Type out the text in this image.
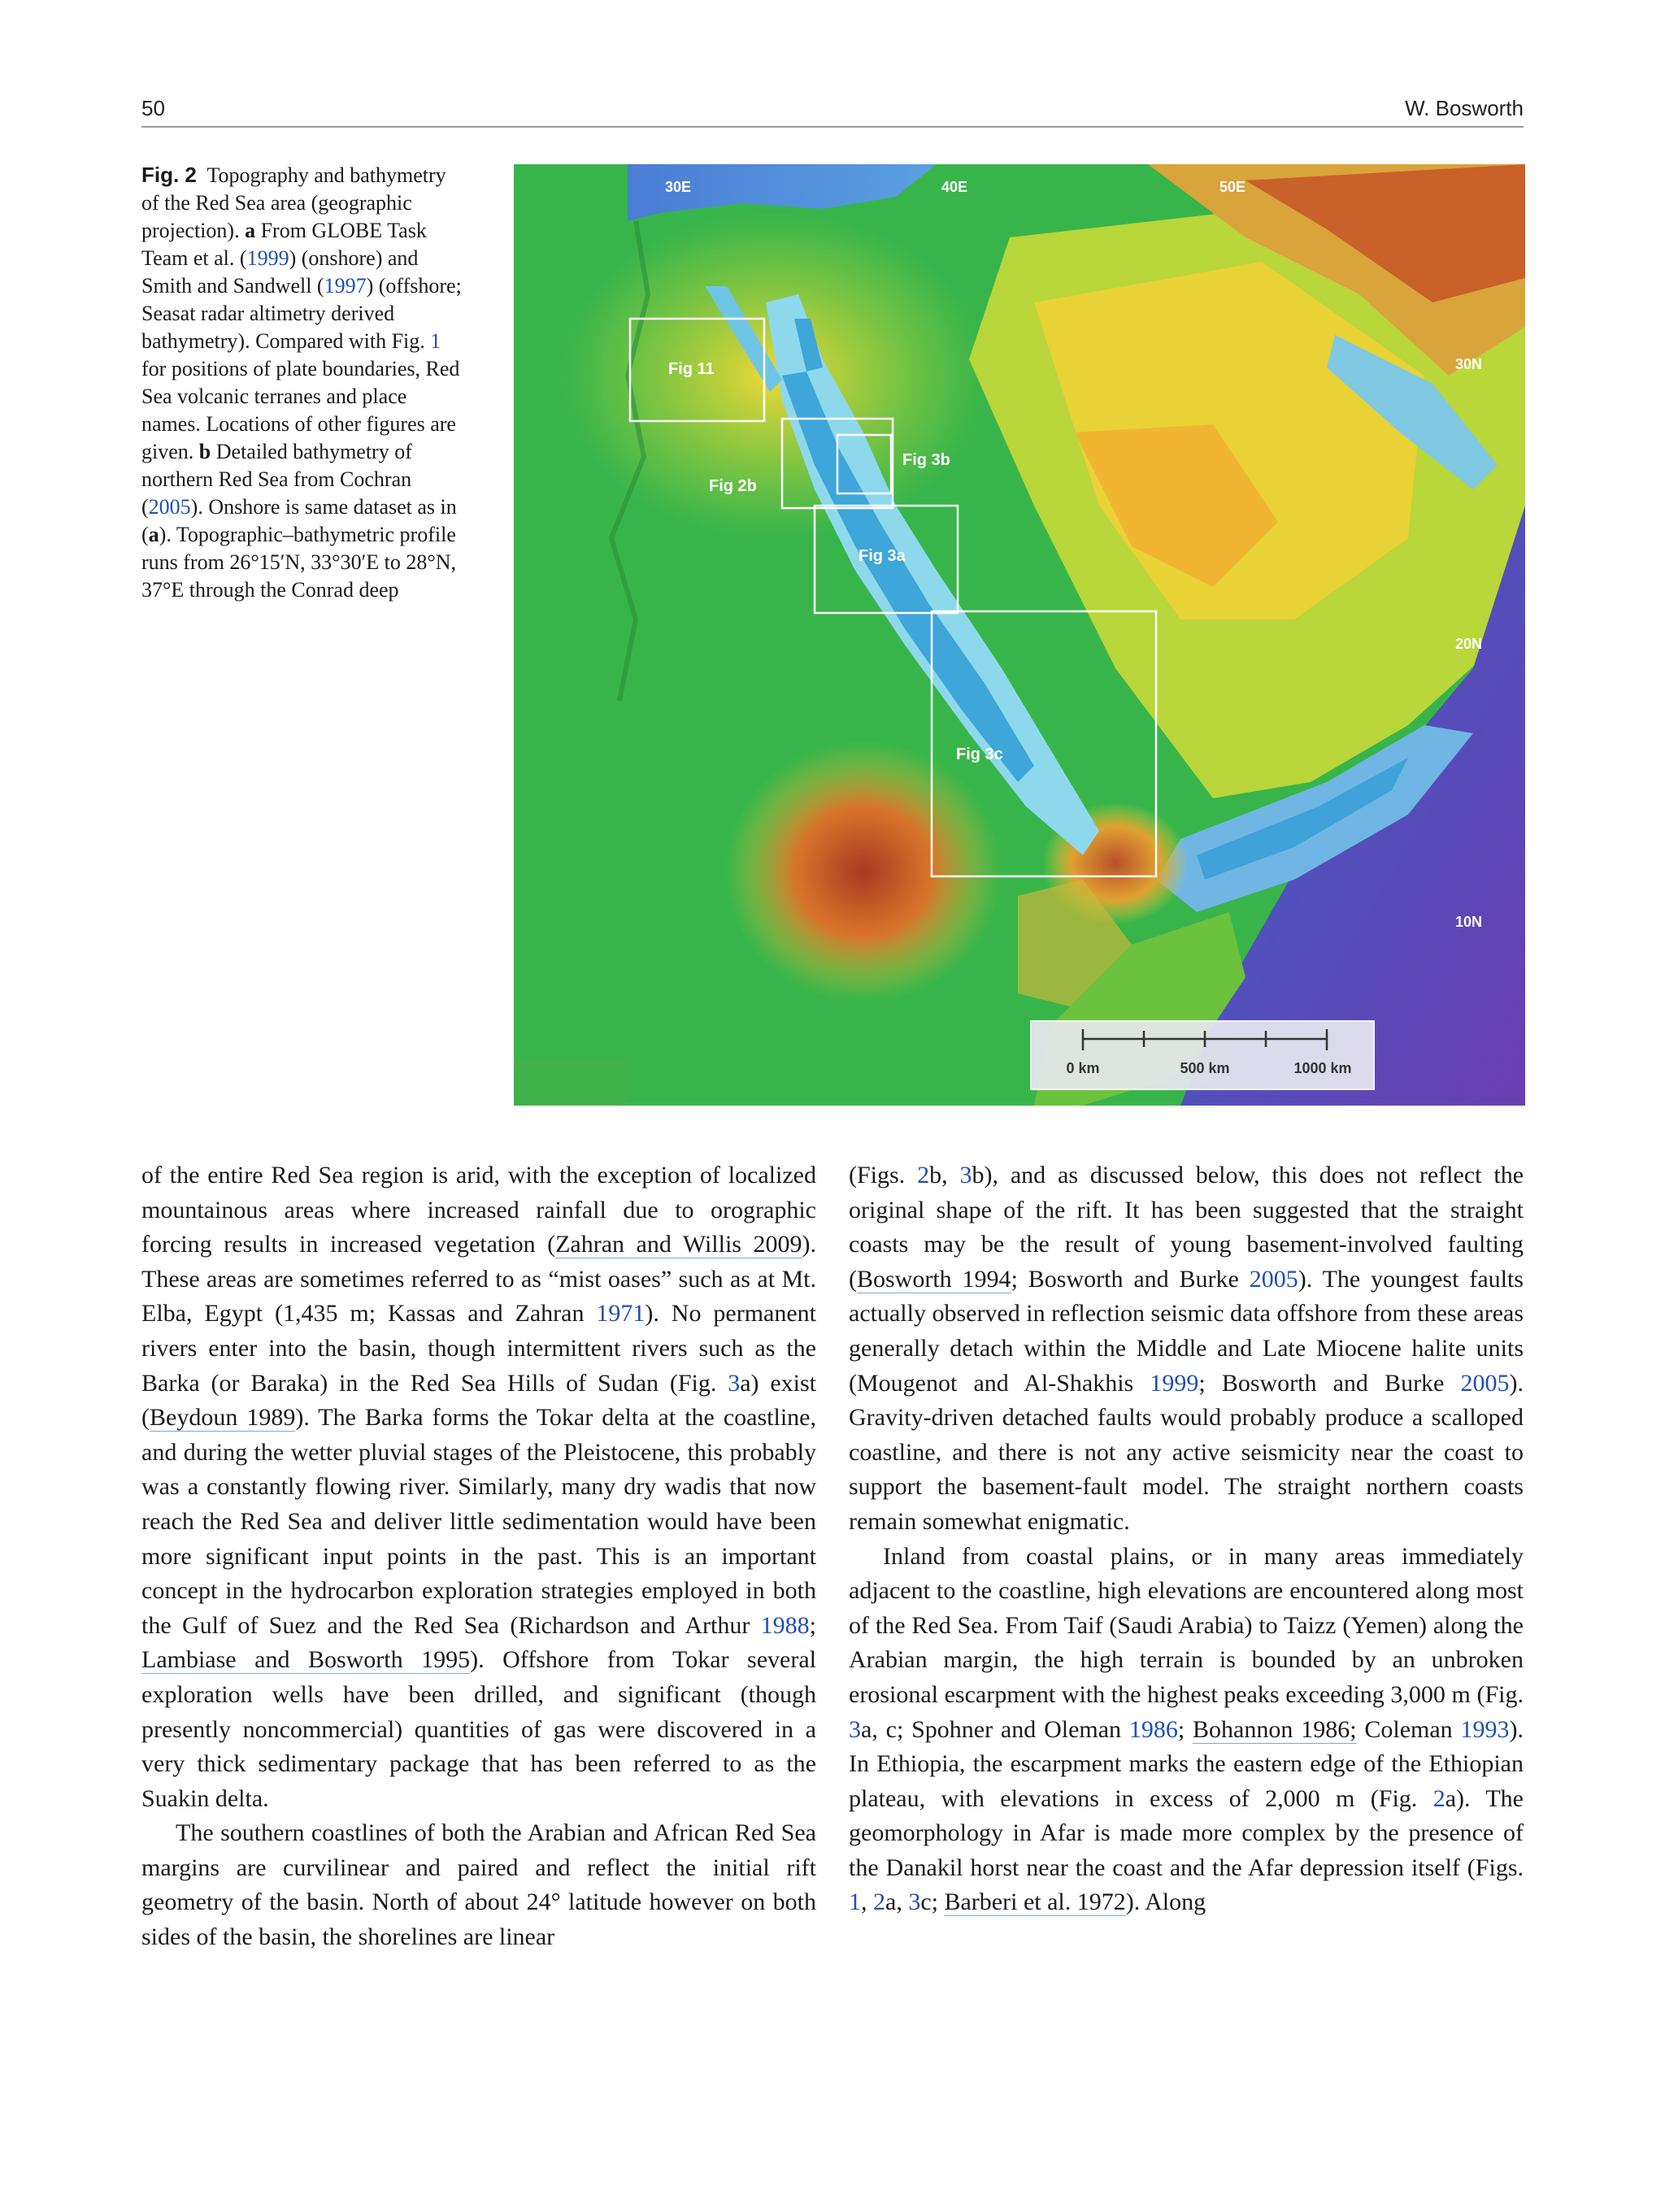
50	W. Bosworth
Fig. 2 Topography and bathymetry of the Red Sea area (geographic projection). a From GLOBE Task Team et al. (1999) (onshore) and Smith and Sandwell (1997) (offshore; Seasat radar altimetry derived bathymetry). Compared with Fig. 1 for positions of plate boundaries, Red Sea volcanic terranes and place names. Locations of other figures are given. b Detailed bathymetry of northern Red Sea from Cochran (2005). Onshore is same dataset as in (a). Topographic–bathymetric profile runs from 26°15′N, 33°30′E to 28°N, 37°E through the Conrad deep
Fig 11
Fig 2b
Fig 3b
Fig 3a
Fig 3c
30E	40E	50E
30N
20N
10N
0 km	500 km	1000 km

of the entire Red Sea region is arid, with the exception of localized mountainous areas where increased rainfall due to orographic forcing results in increased vegetation (Zahran and Willis 2009). These areas are sometimes referred to as “mist oases” such as at Mt. Elba, Egypt (1,435 m; Kassas and Zahran 1971). No permanent rivers enter into the basin, though intermittent rivers such as the Barka (or Baraka) in the Red Sea Hills of Sudan (Fig. 3a) exist (Beydoun 1989). The Barka forms the Tokar delta at the coastline, and during the wetter pluvial stages of the Pleistocene, this probably was a constantly flowing river. Similarly, many dry wadis that now reach the Red Sea and deliver little sedimentation would have been more significant input points in the past. This is an important concept in the hydrocarbon exploration strategies employed in both the Gulf of Suez and the Red Sea (Richardson and Arthur 1988; Lambiase and Bosworth 1995). Offshore from Tokar several exploration wells have been drilled, and significant (though presently noncommercial) quantities of gas were discovered in a very thick sedimentary package that has been referred to as the Suakin delta.

The southern coastlines of both the Arabian and African Red Sea margins are curvilinear and paired and reflect the initial rift geometry of the basin. North of about 24° latitude however on both sides of the basin, the shorelines are linear

(Figs. 2b, 3b), and as discussed below, this does not reflect the original shape of the rift. It has been suggested that the straight coasts may be the result of young basement-involved faulting (Bosworth 1994; Bosworth and Burke 2005). The youngest faults actually observed in reflection seismic data offshore from these areas generally detach within the Middle and Late Miocene halite units (Mougenot and Al-Shakhis 1999; Bosworth and Burke 2005). Gravity-driven detached faults would probably produce a scalloped coastline, and there is not any active seismicity near the coast to support the basement-fault model. The straight northern coasts remain somewhat enigmatic.

Inland from coastal plains, or in many areas immediately adjacent to the coastline, high elevations are encountered along most of the Red Sea. From Taif (Saudi Arabia) to Taizz (Yemen) along the Arabian margin, the high terrain is bounded by an unbroken erosional escarpment with the highest peaks exceeding 3,000 m (Fig. 3a, c; Spohner and Oleman 1986; Bohannon 1986; Coleman 1993). In Ethiopia, the escarpment marks the eastern edge of the Ethiopian plateau, with elevations in excess of 2,000 m (Fig. 2a). The geomorphology in Afar is made more complex by the presence of the Danakil horst near the coast and the Afar depression itself (Figs. 1, 2a, 3c; Barberi et al. 1972). Along
